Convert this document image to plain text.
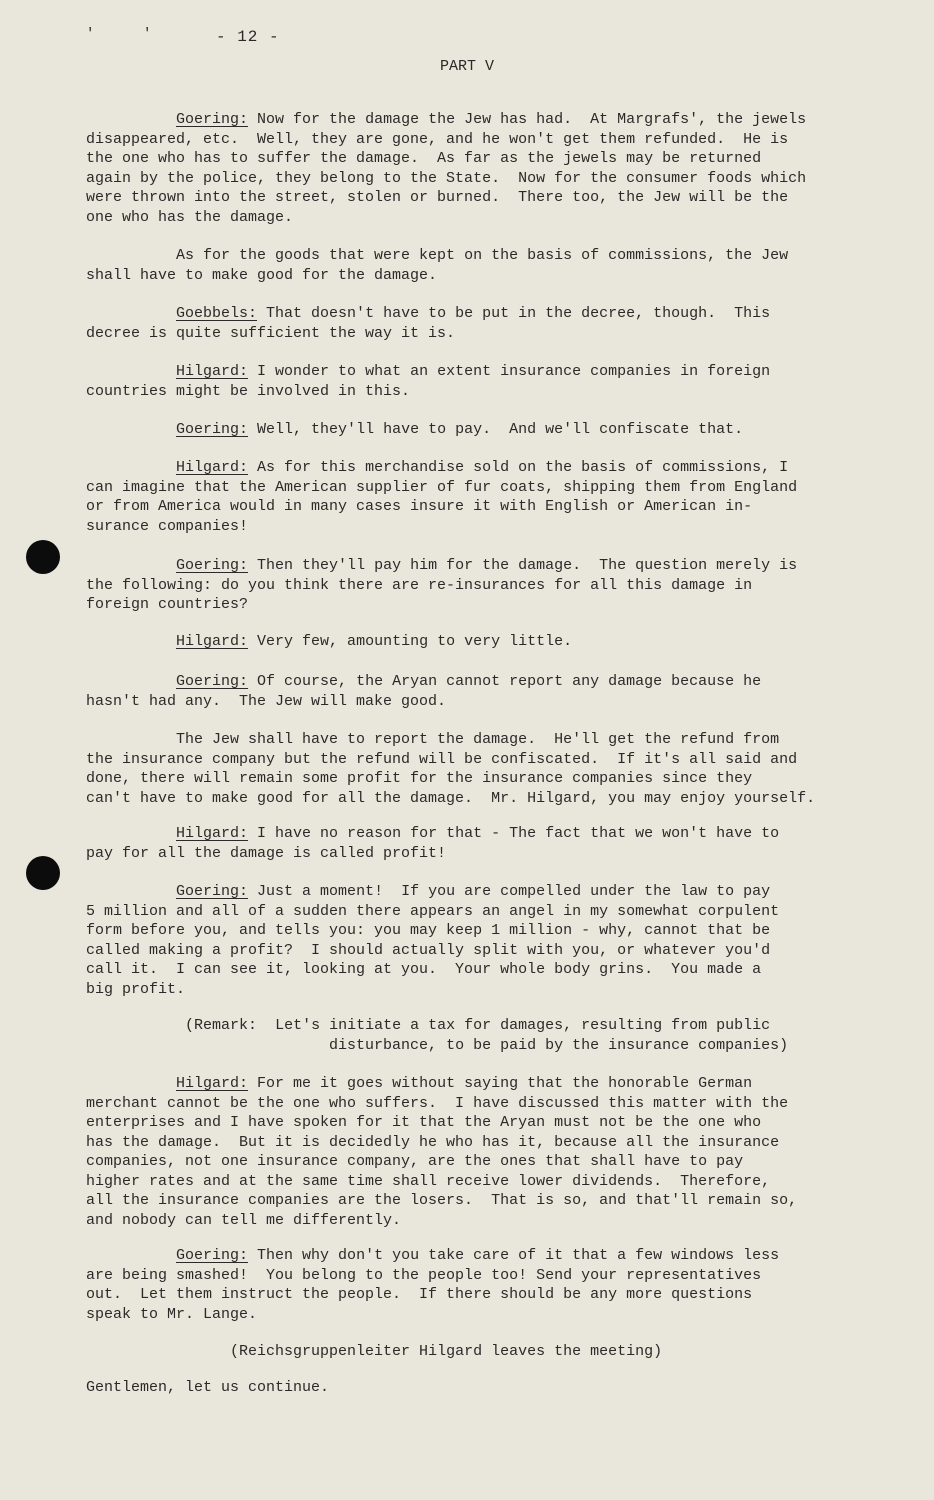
'	'	- 12 -
PART V
Goering: Now for the damage the Jew has had.  At Margrafs', the jewels
disappeared, etc.  Well, they are gone, and he won't get them refunded.  He is
the one who has to suffer the damage.  As far as the jewels may be returned
again by the police, they belong to the State.  Now for the consumer foods which
were thrown into the street, stolen or burned.  There too, the Jew will be the
one who has the damage.
As for the goods that were kept on the basis of commissions, the Jew
shall have to make good for the damage.
Goebbels: That doesn't have to be put in the decree, though.  This
decree is quite sufficient the way it is.
Hilgard: I wonder to what an extent insurance companies in foreign
countries might be involved in this.
Goering: Well, they'll have to pay.  And we'll confiscate that.
Hilgard: As for this merchandise sold on the basis of commissions, I
can imagine that the American supplier of fur coats, shipping them from England
or from America would in many cases insure it with English or American in-
surance companies!
Goering: Then they'll pay him for the damage.  The question merely is
the following: do you think there are re-insurances for all this damage in
foreign countries?
Hilgard: Very few, amounting to very little.
Goering: Of course, the Aryan cannot report any damage because he
hasn't had any.  The Jew will make good.
The Jew shall have to report the damage.  He'll get the refund from
the insurance company but the refund will be confiscated.  If it's all said and
done, there will remain some profit for the insurance companies since they
can't have to make good for all the damage.  Mr. Hilgard, you may enjoy yourself.
Hilgard: I have no reason for that - The fact that we won't have to
pay for all the damage is called profit!
Goering: Just a moment!  If you are compelled under the law to pay
5 million and all of a sudden there appears an angel in my somewhat corpulent
form before you, and tells you: you may keep 1 million - why, cannot that be
called making a profit?  I should actually split with you, or whatever you'd
call it.  I can see it, looking at you.  Your whole body grins.  You made a
big profit.
(Remark: Let's initiate a tax for damages, resulting from public
disturbance, to be paid by the insurance companies)
Hilgard: For me it goes without saying that the honorable German
merchant cannot be the one who suffers.  I have discussed this matter with the
enterprises and I have spoken for it that the Aryan must not be the one who
has the damage.  But it is decidedly he who has it, because all the insurance
companies, not one insurance company, are the ones that shall have to pay
higher rates and at the same time shall receive lower dividends.  Therefore,
all the insurance companies are the losers.  That is so, and that'll remain so,
and nobody can tell me differently.
Goering: Then why don't you take care of it that a few windows less
are being smashed!  You belong to the people too! Send your representatives
out.  Let them instruct the people.  If there should be any more questions
speak to Mr. Lange.
(Reichsgruppenleiter Hilgard leaves the meeting)
Gentlemen, let us continue.
